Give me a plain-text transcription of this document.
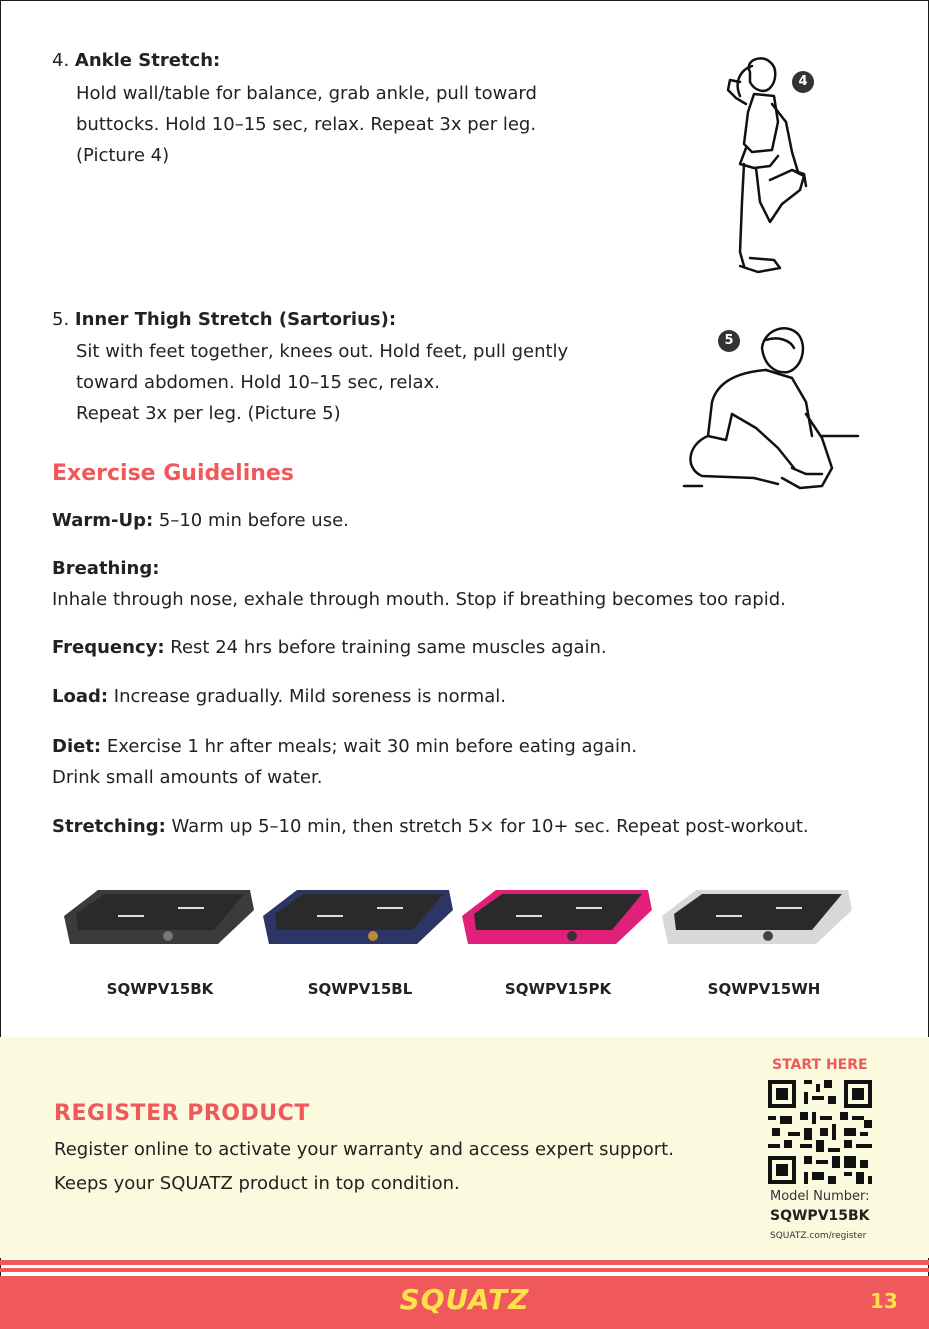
4. Ankle Stretch:
Hold wall/table for balance, grab ankle, pull toward
buttocks. Hold 10–15 sec, relax. Repeat 3x per leg.
(Picture 4)
4
5. Inner Thigh Stretch (Sartorius):
Sit with feet together, knees out. Hold feet, pull gently
toward abdomen. Hold 10–15 sec, relax.
Repeat 3x per leg. (Picture 5)
5
Exercise Guidelines
Warm-Up: 5–10 min before use.
Breathing:
Inhale through nose, exhale through mouth. Stop if breathing becomes too rapid.
Frequency: Rest 24 hrs before training same muscles again.
Load: Increase gradually. Mild soreness is normal.
Diet: Exercise 1 hr after meals; wait 30 min before eating again.
Drink small amounts of water.
Stretching: Warm up 5–10 min, then stretch 5× for 10+ sec. Repeat post-workout.
SQWPV15BK	SQWPV15BL	SQWPV15PK	SQWPV15WH
REGISTER PRODUCT
Register online to activate your warranty and access expert support.
Keeps your SQUATZ product in top condition.
START HERE
Model Number:
SQWPV15BK
SQUATZ.com/register
SQUATZ	13
